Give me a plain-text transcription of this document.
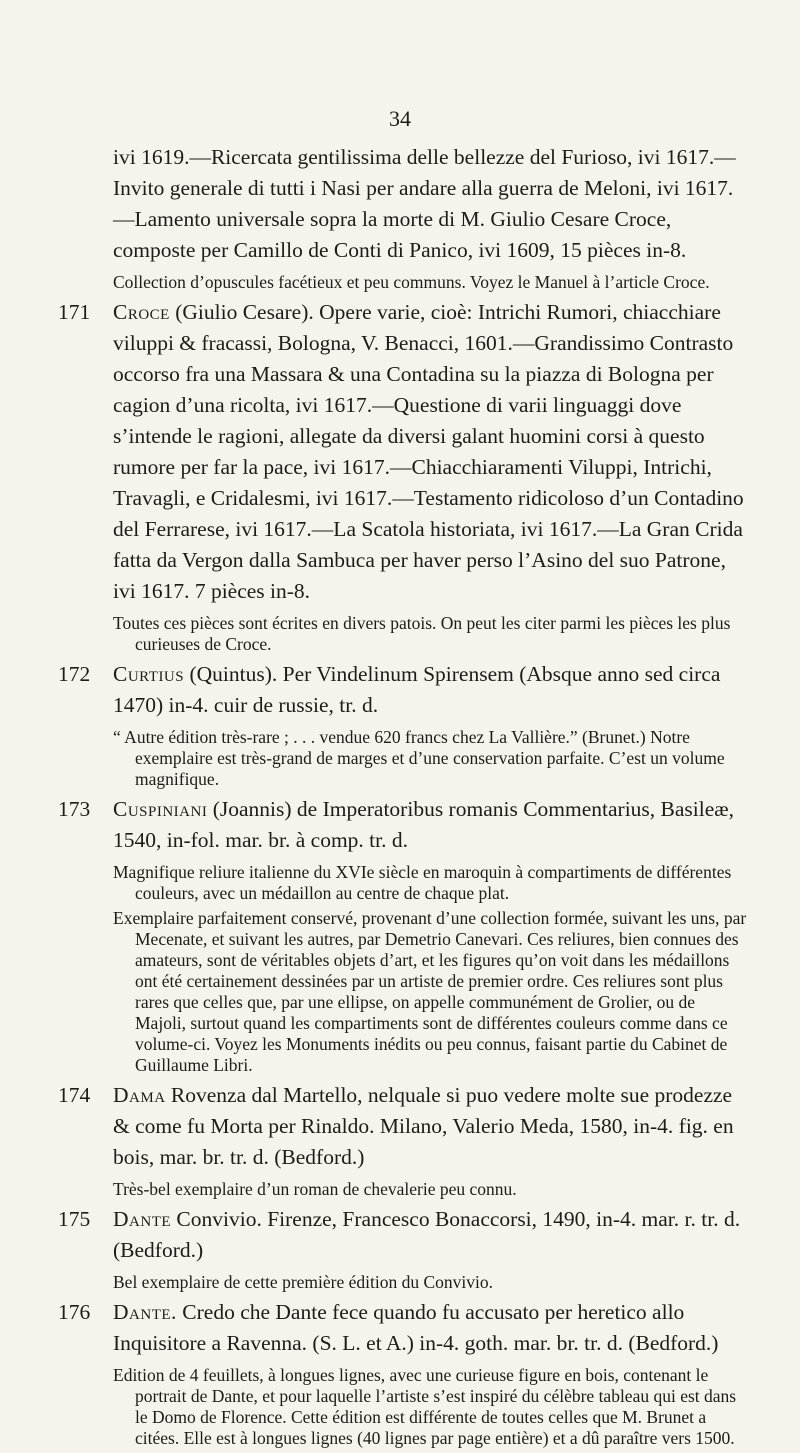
34
ivi 1619.—Ricercata gentilissima delle bellezze del Furioso, ivi 1617.—Invito generale di tutti i Nasi per andare alla guerra de Meloni, ivi 1617.—Lamento universale sopra la morte di M. Giulio Cesare Croce, composte per Camillo de Conti di Panico, ivi 1609, 15 pièces in-8.
Collection d’opuscules facétieux et peu communs. Voyez le Manuel à l’article Croce.
171 Croce (Giulio Cesare). Opere varie, cioè: Intrichi Rumori, chiacchiare viluppi & fracassi, Bologna, V. Benacci, 1601.—Grandissimo Contrasto occorso fra una Massara & una Contadina su la piazza di Bologna per cagion d’una ricolta, ivi 1617.—Questione di varii linguaggi dove s’intende le ragioni, allegate da diversi galant huomini corsi à questo rumore per far la pace, ivi 1617.—Chiacchiaramenti Viluppi, Intrichi, Travagli, e Cridalesmi, ivi 1617.—Testamento ridicoloso d’un Contadino del Ferrarese, ivi 1617.—La Scatola historiata, ivi 1617.—La Gran Crida fatta da Vergon dalla Sambuca per haver perso l’Asino del suo Patrone, ivi 1617. 7 pièces in-8.
Toutes ces pièces sont écrites en divers patois. On peut les citer parmi les pièces les plus curieuses de Croce.
172 Curtius (Quintus). Per Vindelinum Spirensem (Absque anno sed circa 1470) in-4. cuir de russie, tr. d.
“ Autre édition très-rare ; . . . vendue 620 francs chez La Vallière.” (Brunet.) Notre exemplaire est très-grand de marges et d’une conservation parfaite. C’est un volume magnifique.
173 Cuspiniani (Joannis) de Imperatoribus romanis Commentarius, Basileæ, 1540, in-fol. mar. br. à comp. tr. d.
Magnifique reliure italienne du XVIe siècle en maroquin à compartiments de différentes couleurs, avec un médaillon au centre de chaque plat.
Exemplaire parfaitement conservé, provenant d’une collection formée, suivant les uns, par Mecenate, et suivant les autres, par Demetrio Canevari. Ces reliures, bien connues des amateurs, sont de véritables objets d’art, et les figures qu’on voit dans les médaillons ont été certainement dessinées par un artiste de premier ordre. Ces reliures sont plus rares que celles que, par une ellipse, on appelle communément de Grolier, ou de Majoli, surtout quand les compartiments sont de différentes couleurs comme dans ce volume-ci. Voyez les Monuments inédits ou peu connus, faisant partie du Cabinet de Guillaume Libri.
174 Dama Rovenza dal Martello, nelquale si puo vedere molte sue prodezze & come fu Morta per Rinaldo. Milano, Valerio Meda, 1580, in-4. fig. en bois, mar. br. tr. d. (Bedford.)
Très-bel exemplaire d’un roman de chevalerie peu connu.
175 Dante Convivio. Firenze, Francesco Bonaccorsi, 1490, in-4. mar. r. tr. d. (Bedford.)
Bel exemplaire de cette première édition du Convivio.
176 Dante. Credo che Dante fece quando fu accusato per heretico allo Inquisitore a Ravenna. (S. L. et A.) in-4. goth. mar. br. tr. d. (Bedford.)
Edition de 4 feuillets, à longues lignes, avec une curieuse figure en bois, contenant le portrait de Dante, et pour laquelle l’artiste s’est inspiré du célèbre tableau qui est dans le Domo de Florence. Cette édition est différente de toutes celles que M. Brunet a citées. Elle est à longues lignes (40 lignes par page entière) et a dû paraître vers 1500.
